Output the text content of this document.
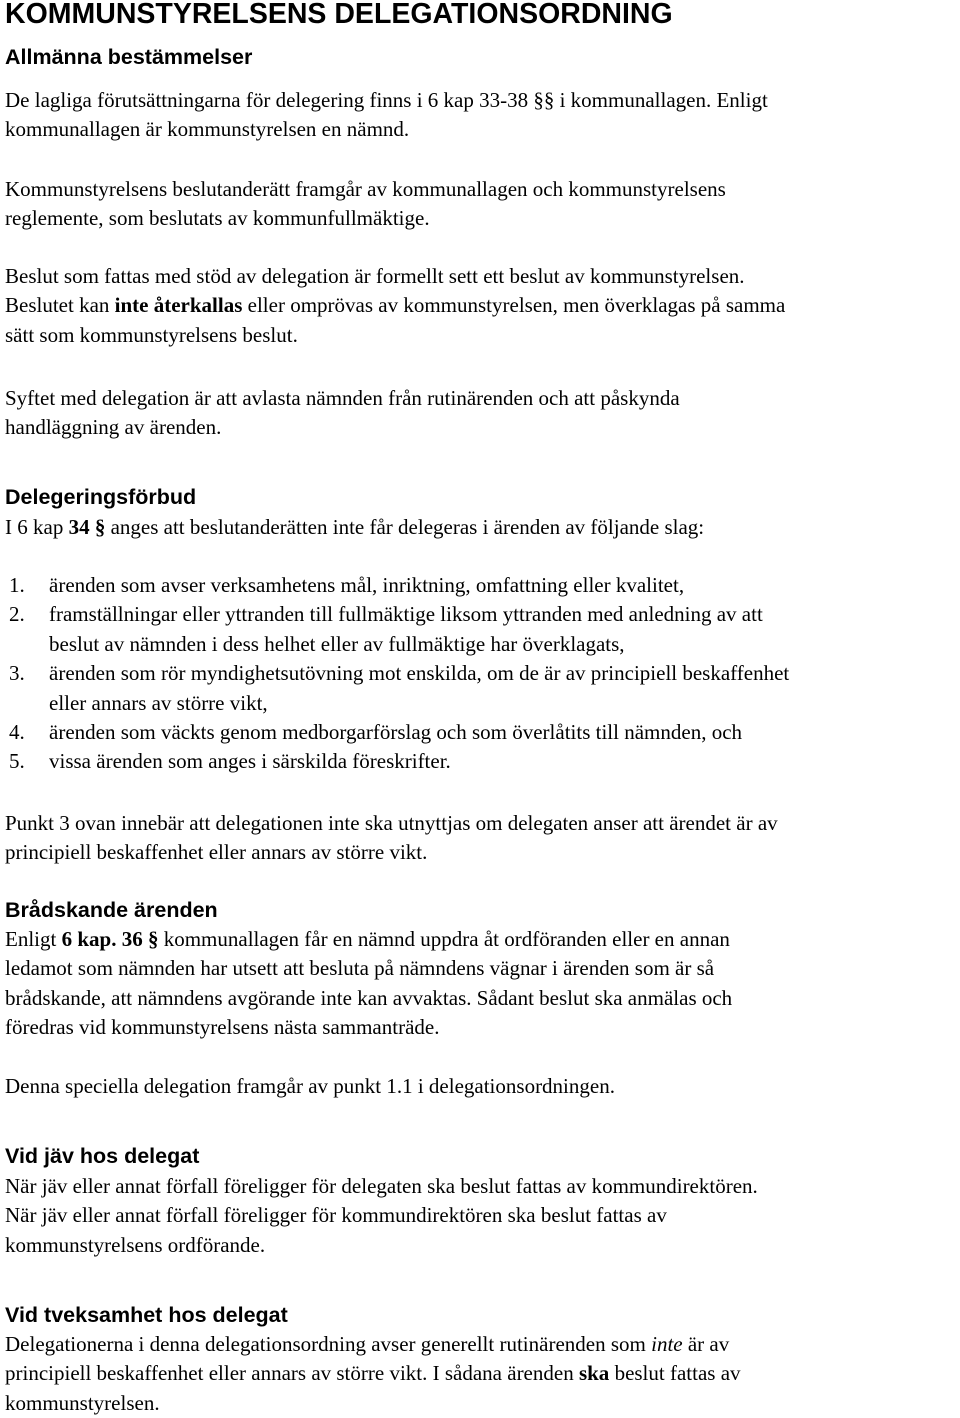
KOMMUNSTYRELSENS DELEGATIONSORDNING
Allmänna bestämmelser

De lagliga förutsättningarna för delegering finns i 6 kap 33-38 §§ i kommunallagen. Enligt
kommunallagen är kommunstyrelsen en nämnd.

Kommunstyrelsens beslutanderätt framgår av kommunallagen och kommunstyrelsens
reglemente, som beslutats av kommunfullmäktige.

Beslut som fattas med stöd av delegation är formellt sett ett beslut av kommunstyrelsen.
Beslutet kan inte återkallas eller omprövas av kommunstyrelsen, men överklagas på samma
sätt som kommunstyrelsens beslut.

Syftet med delegation är att avlasta nämnden från rutinärenden och att påskynda
handläggning av ärenden.

Delegeringsförbud

I 6 kap 34 § anges att beslutanderätten inte får delegeras i ärenden av följande slag:

1. ärenden som avser verksamhetens mål, inriktning, omfattning eller kvalitet,
2. framställningar eller yttranden till fullmäktige liksom yttranden med anledning av att
beslut av nämnden i dess helhet eller av fullmäktige har överklagats,
3. ärenden som rör myndighetsutövning mot enskilda, om de är av principiell beskaffenhet
eller annars av större vikt,
4. ärenden som väckts genom medborgarförslag och som överlåtits till nämnden, och
5. vissa ärenden som anges i särskilda föreskrifter.

Punkt 3 ovan innebär att delegationen inte ska utnyttjas om delegaten anser att ärendet är av
principiell beskaffenhet eller annars av större vikt.

Brådskande ärenden

Enligt 6 kap. 36 § kommunallagen får en nämnd uppdra åt ordföranden eller en annan
ledamot som nämnden har utsett att besluta på nämndens vägnar i ärenden som är så
brådskande, att nämndens avgörande inte kan avvaktas. Sådant beslut ska anmälas och
föredras vid kommunstyrelsens nästa sammanträde.

Denna speciella delegation framgår av punkt 1.1 i delegationsordningen.

Vid jäv hos delegat

När jäv eller annat förfall föreligger för delegaten ska beslut fattas av kommundirektören.
När jäv eller annat förfall föreligger för kommundirektören ska beslut fattas av
kommunstyrelsens ordförande.

Vid tveksamhet hos delegat

Delegationerna i denna delegationsordning avser generellt rutinärenden som inte är av
principiell beskaffenhet eller annars av större vikt. I sådana ärenden ska beslut fattas av
kommunstyrelsen.
